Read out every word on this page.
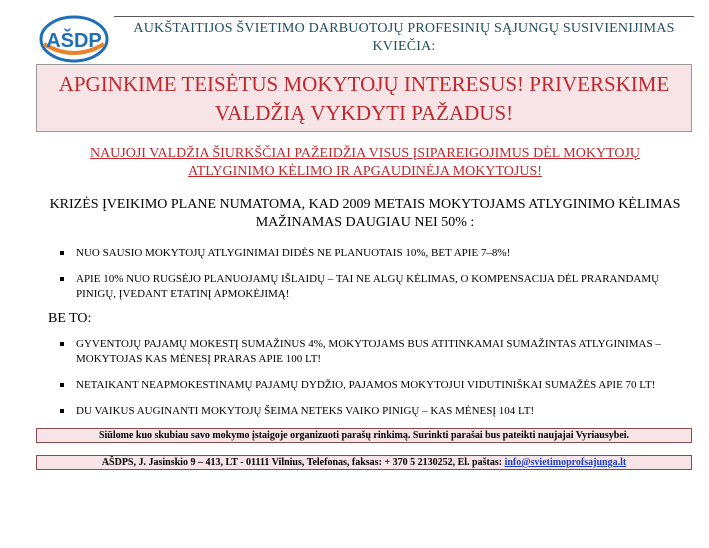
AŠDP
AUKŠTAITIJOS ŠVIETIMO DARBUOTOJŲ PROFESINIŲ SĄJUNGŲ SUSIVIENIJIMAS
KVIEČIA:
APGINKIME TEISĖTUS MOKYTOJŲ INTERESUS! PRIVERSKIME
VALDŽIĄ VYKDYTI PAŽADUS!
NAUJOJI VALDŽIA ŠIURKŠČIAI PAŽEIDŽIA VISUS ĮSIPAREIGOJIMUS DĖL MOKYTOJŲ
ATLYGINIMO KĖLIMO IR APGAUDINĖJA MOKYTOJUS!
KRIZĖS ĮVEIKIMO PLANE NUMATOMA, KAD 2009 METAIS MOKYTOJAMS ATLYGINIMO KĖLIMAS
MAŽINAMAS DAUGIAU NEI 50% :
NUO SAUSIO MOKYTOJŲ ATLYGINIMAI DIDĖS NE PLANUOTAIS 10%, BET APIE 7–8%!
APIE 10% NUO RUGSĖJO PLANUOJAMŲ IŠLAIDŲ – TAI NE ALGŲ KĖLIMAS, O KOMPENSACIJA DĖL PRARANDAMŲ PINIGŲ, ĮVEDANT ETATINĮ APMOKĖJIMĄ!
BE TO:
GYVENTOJŲ PAJAMŲ MOKESTĮ SUMAŽINUS 4%, MOKYTOJAMS BUS ATITINKAMAI SUMAŽINTAS ATLYGINIMAS – MOKYTOJAS KAS MĖNESĮ PRARAS APIE 100 LT!
NETAIKANT NEAPMOKESTINAMŲ PAJAMŲ DYDŽIO, PAJAMOS MOKYTOJUI VIDUTINIŠKAI SUMAŽĖS APIE 70 LT!
DU VAIKUS AUGINANTI MOKYTOJŲ ŠEIMA NETEKS VAIKO PINIGŲ – KAS MĖNESĮ 104 LT!
Siūlome kuo skubiau savo mokymo įstaigoje organizuoti parašų rinkimą. Surinkti parašai bus pateikti naujajai Vyriausybei.
AŠDPS, J. Jasinskio 9 – 413, LT - 01111 Vilnius, Telefonas, faksas: + 370 5 2130252, El. paštas: info@svietimoprofsajunga.lt
